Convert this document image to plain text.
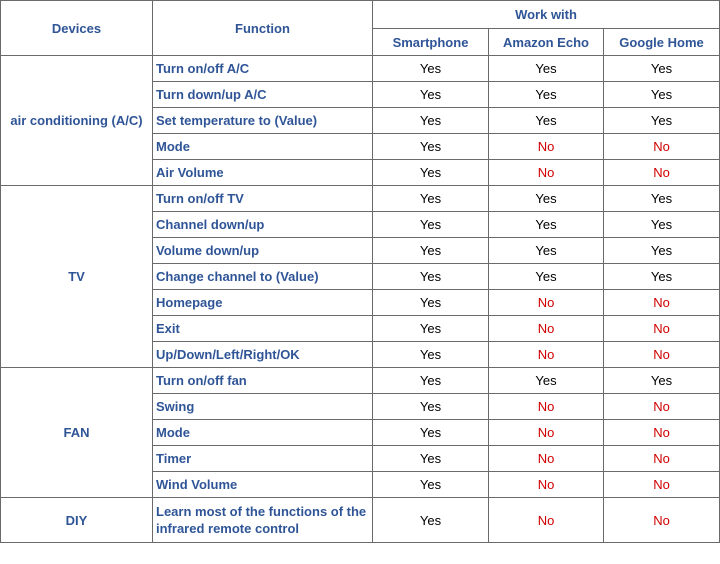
Devices	Function	Work with		
		Smartphone	Amazon Echo	Google Home
air conditioning (A/C)	Turn on/off A/C	Yes	Yes	Yes
	Turn down/up A/C	Yes	Yes	Yes
	Set temperature to (Value)	Yes	Yes	Yes
	Mode	Yes	No	No
	Air Volume	Yes	No	No
TV	Turn on/off TV	Yes	Yes	Yes
	Channel down/up	Yes	Yes	Yes
	Volume down/up	Yes	Yes	Yes
	Change channel to (Value)	Yes	Yes	Yes
	Homepage	Yes	No	No
	Exit	Yes	No	No
	Up/Down/Left/Right/OK	Yes	No	No
FAN	Turn on/off fan	Yes	Yes	Yes
	Swing	Yes	No	No
	Mode	Yes	No	No
	Timer	Yes	No	No
	Wind Volume	Yes	No	No
DIY	Learn most of the functions of the infrared remote control	Yes	No	No
